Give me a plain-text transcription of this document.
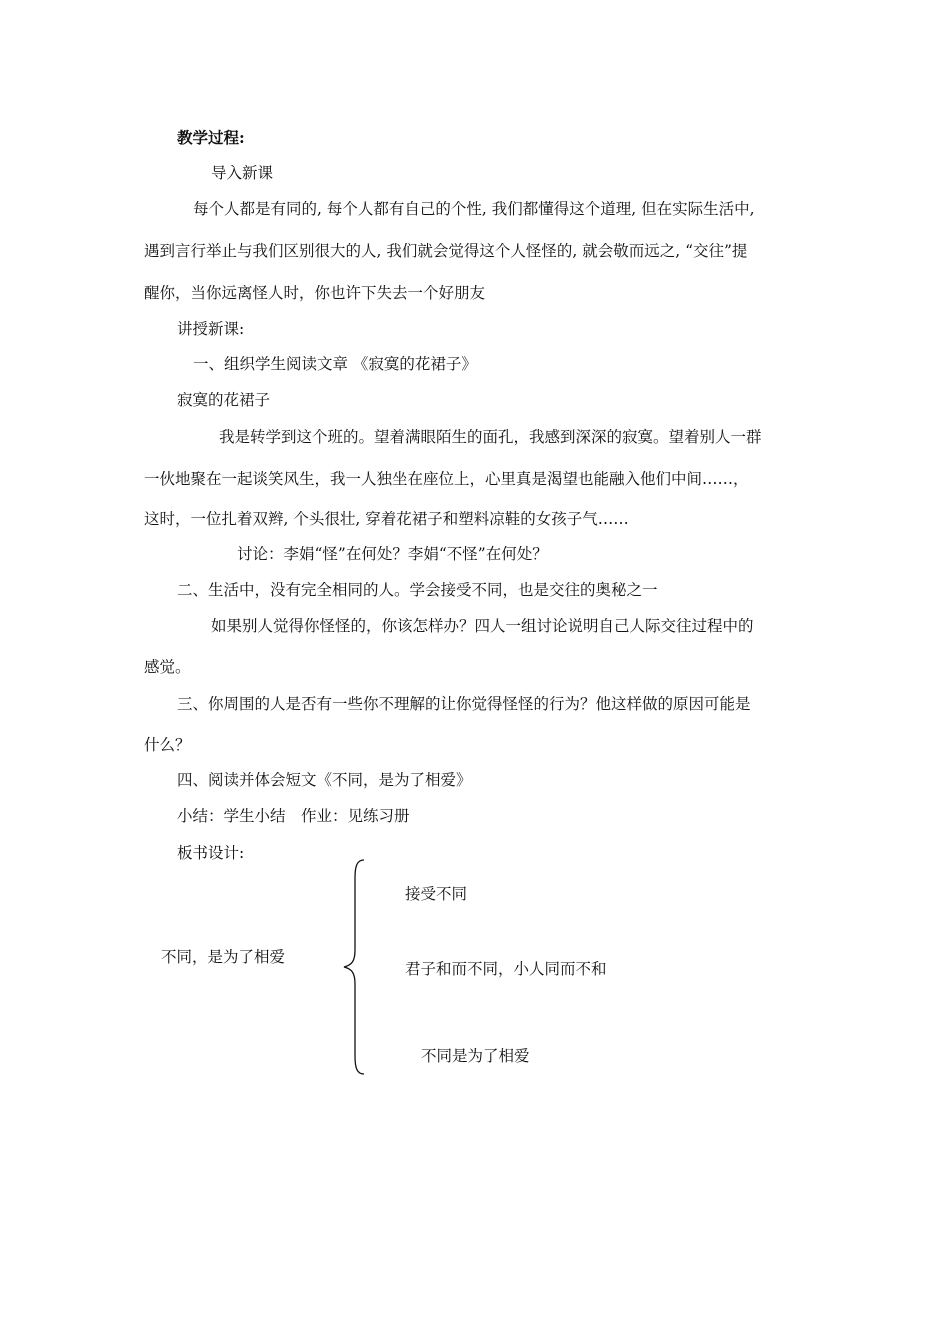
教学过程:
导入新课
每个人都是有同的, 每个人都有自己的个性, 我们都懂得这个道理, 但在实际生活中,
遇到言行举止与我们区别很大的人, 我们就会觉得这个人怪怪的, 就会敬而远之, “交往”提
醒你，当你远离怪人时，你也许下失去一个好朋友
讲授新课:
一、组织学生阅读文章 《寂寞的花裙子》
寂寞的花裙子
我是转学到这个班的。望着满眼陌生的面孔，我感到深深的寂寞。望着别人一群
一伙地聚在一起谈笑风生，我一人独坐在座位上，心里真是渴望也能融入他们中间……，
这时，一位扎着双辫, 个头很壮, 穿着花裙子和塑料凉鞋的女孩子气……
讨论：李娟“怪”在何处？李娟“不怪”在何处？
二、生活中，没有完全相同的人。学会接受不同，也是交往的奥秘之一
如果别人觉得你怪怪的，你该怎样办？四人一组讨论说明自己人际交往过程中的
感觉。
三、你周围的人是否有一些你不理解的让你觉得怪怪的行为？他这样做的原因可能是
什么？
四、阅读并体会短文《不同，是为了相爱》
小结：学生小结　作业：见练习册
板书设计:
不同，是为了相爱
接受不同
君子和而不同，小人同而不和
不同是为了相爱
